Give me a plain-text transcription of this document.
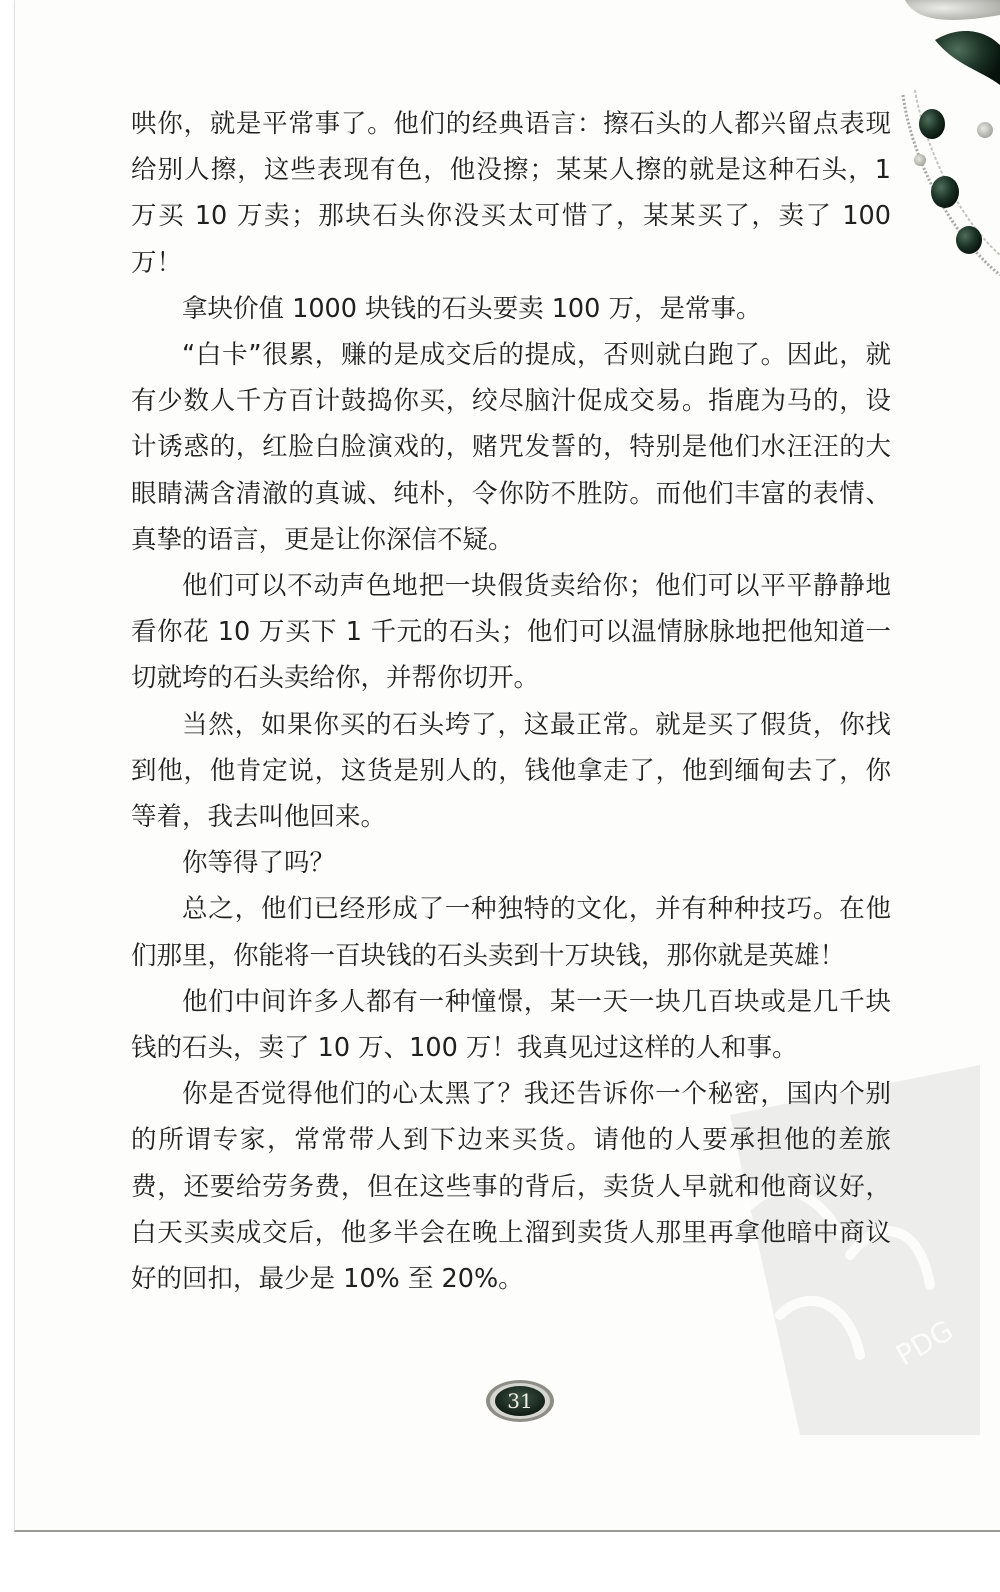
PDG

哄你，就是平常事了。他们的经典语言：擦石头的人都兴留点表现给别人擦，这些表现有色，他没擦；某某人擦的就是这种石头，1 万买 10 万卖；那块石头你没买太可惜了，某某买了，卖了 100 万！

拿块价值 1000 块钱的石头要卖 100 万，是常事。

“白卡”很累，赚的是成交后的提成，否则就白跑了。因此，就有少数人千方百计鼓捣你买，绞尽脑汁促成交易。指鹿为马的，设计诱惑的，红脸白脸演戏的，赌咒发誓的，特别是他们水汪汪的大眼睛满含清澈的真诚、纯朴，令你防不胜防。而他们丰富的表情、真挚的语言，更是让你深信不疑。

他们可以不动声色地把一块假货卖给你；他们可以平平静静地看你花 10 万买下 1 千元的石头；他们可以温情脉脉地把他知道一切就垮的石头卖给你，并帮你切开。

当然，如果你买的石头垮了，这最正常。就是买了假货，你找到他，他肯定说，这货是别人的，钱他拿走了，他到缅甸去了，你等着，我去叫他回来。

你等得了吗？

总之，他们已经形成了一种独特的文化，并有种种技巧。在他们那里，你能将一百块钱的石头卖到十万块钱，那你就是英雄！

他们中间许多人都有一种憧憬，某一天一块几百块或是几千块钱的石头，卖了 10 万、100 万！我真见过这样的人和事。

你是否觉得他们的心太黑了？我还告诉你一个秘密，国内个别的所谓专家，常常带人到下边来买货。请他的人要承担他的差旅费，还要给劳务费，但在这些事的背后，卖货人早就和他商议好，白天买卖成交后，他多半会在晚上溜到卖货人那里再拿他暗中商议好的回扣，最少是 10% 至 20%。

31
